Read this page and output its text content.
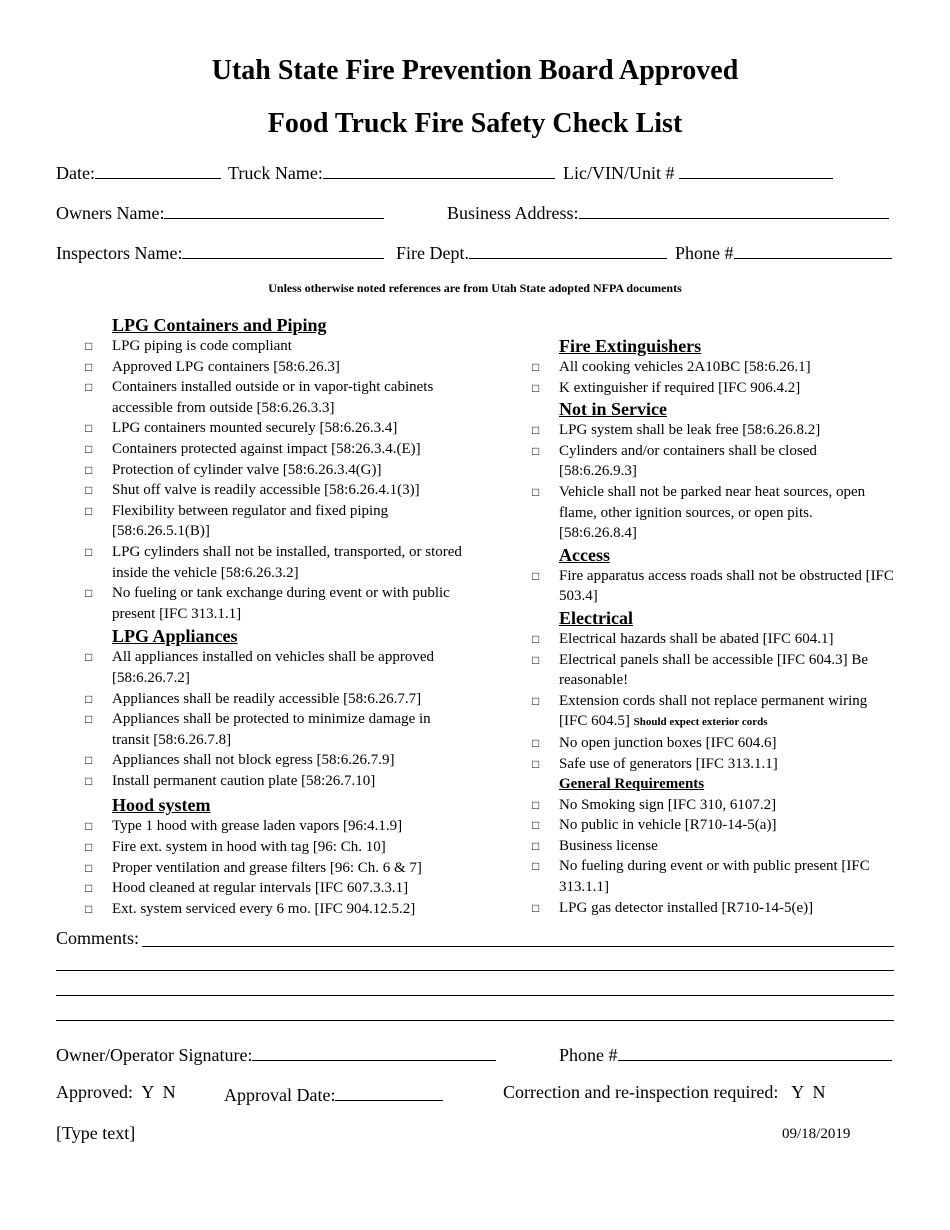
Utah State Fire Prevention Board Approved
Food Truck Fire Safety Check List
Date:	Truck Name:	Lic/VIN/Unit #
Owners Name:	Business Address:
Inspectors Name:	Fire Dept.	Phone #
Unless otherwise noted references are from Utah State adopted NFPA documents
LPG Containers and Piping
□ LPG piping is code compliant
□ Approved LPG containers [58:6.26.3]
□ Containers installed outside or in vapor-tight cabinets accessible from outside [58:6.26.3.3]
□ LPG containers mounted securely [58:6.26.3.4]
□ Containers protected against impact [58:26.3.4.(E)]
□ Protection of cylinder valve [58:6.26.3.4(G)]
□ Shut off valve is readily accessible [58:6.26.4.1(3)]
□ Flexibility between regulator and fixed piping [58:6.26.5.1(B)]
□ LPG cylinders shall not be installed, transported, or stored inside the vehicle [58:6.26.3.2]
□ No fueling or tank exchange during event or with public present [IFC 313.1.1]
LPG Appliances
□ All appliances installed on vehicles shall be approved [58:6.26.7.2]
□ Appliances shall be readily accessible [58:6.26.7.7]
□ Appliances shall be protected to minimize damage in transit [58:6.26.7.8]
□ Appliances shall not block egress [58:6.26.7.9]
□ Install permanent caution plate [58:26.7.10]
Hood system
□ Type 1 hood with grease laden vapors [96:4.1.9]
□ Fire ext. system in hood with tag [96: Ch. 10]
□ Proper ventilation and grease filters [96: Ch. 6 & 7]
□ Hood cleaned at regular intervals [IFC 607.3.3.1]
□ Ext. system serviced every 6 mo. [IFC 904.12.5.2]
Fire Extinguishers
□ All cooking vehicles 2A10BC [58:6.26.1]
□ K extinguisher if required [IFC 906.4.2]
Not in Service
□ LPG system shall be leak free [58:6.26.8.2]
□ Cylinders and/or containers shall be closed [58:6.26.9.3]
□ Vehicle shall not be parked near heat sources, open flame, other ignition sources, or open pits. [58:6.26.8.4]
Access
□ Fire apparatus access roads shall not be obstructed [IFC 503.4]
Electrical
□ Electrical hazards shall be abated [IFC 604.1]
□ Electrical panels shall be accessible [IFC 604.3] Be reasonable!
□ Extension cords shall not replace permanent wiring [IFC 604.5] Should expect exterior cords
□ No open junction boxes [IFC 604.6]
□ Safe use of generators [IFC 313.1.1]
General Requirements
□ No Smoking sign [IFC 310, 6107.2]
□ No public in vehicle [R710-14-5(a)]
□ Business license
□ No fueling during event or with public present [IFC 313.1.1]
□ LPG gas detector installed [R710-14-5(e)]
Comments:
Owner/Operator Signature:	Phone #
Approved:  Y  N	Approval Date:	Correction and re-inspection required:   Y  N
[Type text]	09/18/2019
